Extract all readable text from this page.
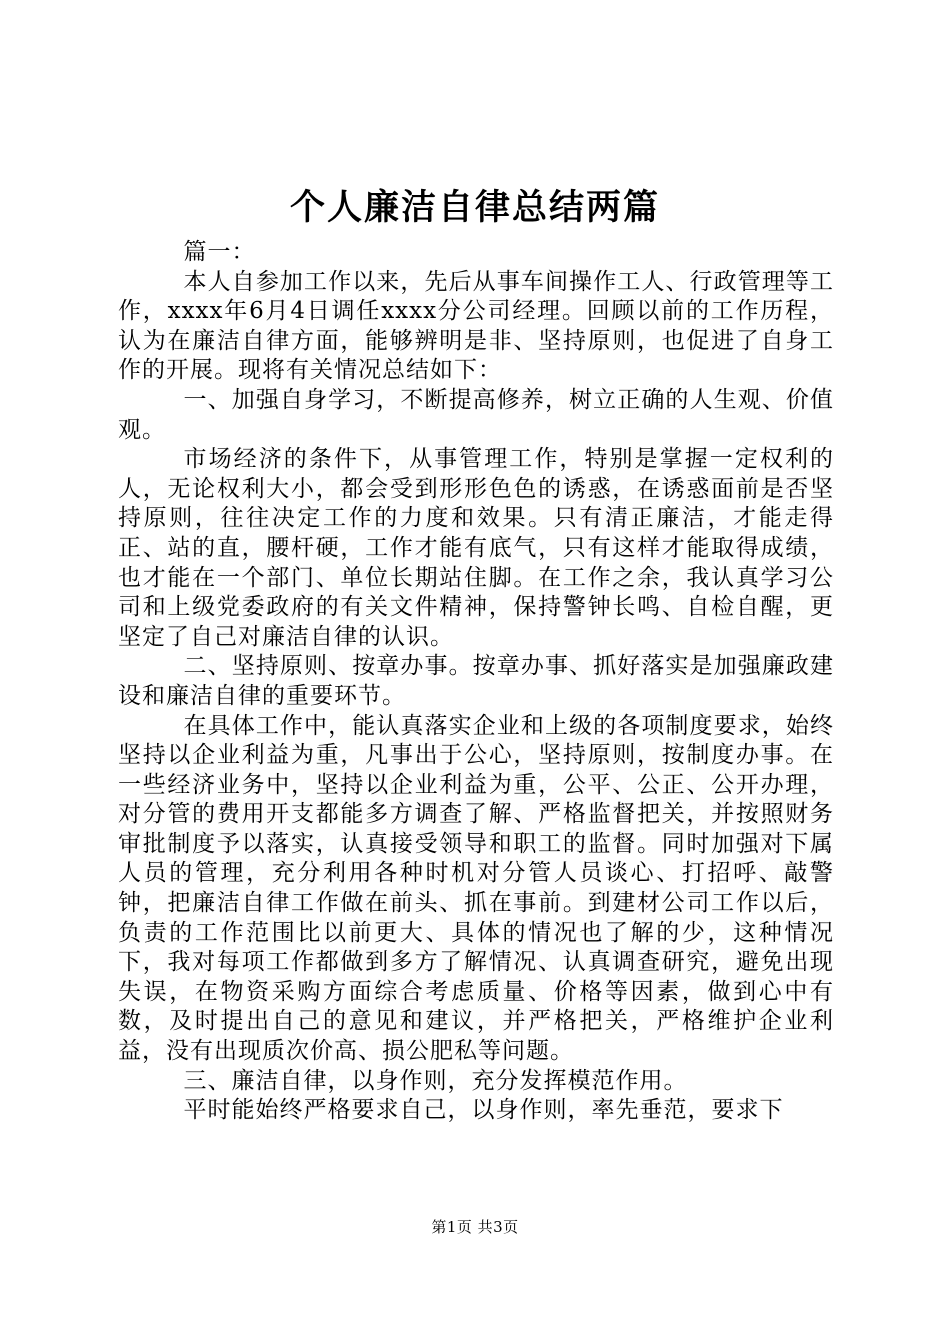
个人廉洁自律总结两篇

篇一：

本人自参加工作以来，先后从事车间操作工人、行政管理等工作，xxxx年6月4日调任xxxx分公司经理。回顾以前的工作历程，认为在廉洁自律方面，能够辨明是非、坚持原则，也促进了自身工作的开展。现将有关情况总结如下：

一、加强自身学习，不断提高修养，树立正确的人生观、价值观。

市场经济的条件下，从事管理工作，特别是掌握一定权利的人，无论权利大小，都会受到形形色色的诱惑，在诱惑面前是否坚持原则，往往决定工作的力度和效果。只有清正廉洁，才能走得正、站的直，腰杆硬，工作才能有底气，只有这样才能取得成绩，也才能在一个部门、单位长期站住脚。在工作之余，我认真学习公司和上级党委政府的有关文件精神，保持警钟长鸣、自检自醒，更坚定了自己对廉洁自律的认识。

二、坚持原则、按章办事。按章办事、抓好落实是加强廉政建设和廉洁自律的重要环节。

在具体工作中，能认真落实企业和上级的各项制度要求，始终坚持以企业利益为重，凡事出于公心，坚持原则，按制度办事。在一些经济业务中，坚持以企业利益为重，公平、公正、公开办理，对分管的费用开支都能多方调查了解、严格监督把关，并按照财务审批制度予以落实，认真接受领导和职工的监督。同时加强对下属人员的管理，充分利用各种时机对分管人员谈心、打招呼、敲警钟，把廉洁自律工作做在前头、抓在事前。到建材公司工作以后，负责的工作范围比以前更大、具体的情况也了解的少，这种情况下，我对每项工作都做到多方了解情况、认真调查研究，避免出现失误，在物资采购方面综合考虑质量、价格等因素，做到心中有数，及时提出自己的意见和建议，并严格把关，严格维护企业利益，没有出现质次价高、损公肥私等问题。

三、廉洁自律，以身作则，充分发挥模范作用。

平时能始终严格要求自己，以身作则，率先垂范，要求下

第1页 共3页
